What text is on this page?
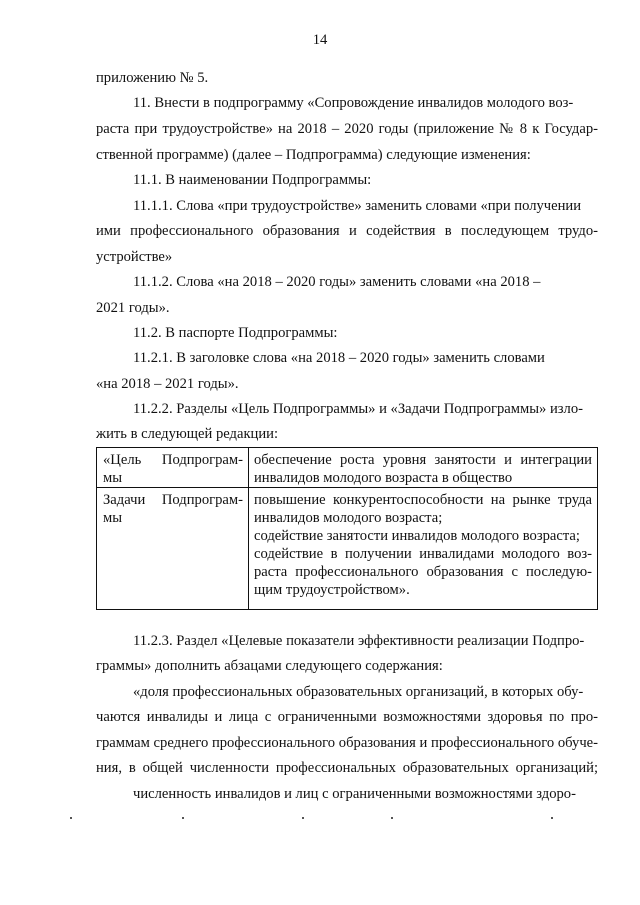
14
приложению № 5.
11. Внести в подпрограмму «Сопровождение инвалидов молодого воз-
раста при трудоустройстве» на 2018 – 2020 годы (приложение № 8 к Государ-
ственной программе) (далее – Подпрограмма) следующие изменения:
11.1. В наименовании Подпрограммы:
11.1.1. Слова «при трудоустройстве» заменить словами «при получении
ими профессионального образования и содействия в последующем трудо-
устройстве»
11.1.2. Слова «на 2018 – 2020 годы» заменить словами «на 2018 –
2021 годы».
11.2. В паспорте Подпрограммы:
11.2.1. В заголовке слова «на 2018 – 2020 годы» заменить словами
«на 2018 – 2021 годы».
11.2.2. Разделы «Цель Подпрограммы» и «Задачи Подпрограммы» изло-
жить в следующей редакции:
«Цель Подпрограм-
мы
обеспечение роста уровня занятости и интеграции
инвалидов молодого возраста в общество
Задачи Подпрограм-
мы
повышение конкурентоспособности на рынке труда
инвалидов молодого возраста;
содействие занятости инвалидов молодого возраста;
содействие в получении инвалидами молодого воз-
раста профессионального образования с последую-
щим трудоустройством».
11.2.3. Раздел «Целевые показатели эффективности реализации Подпро-
граммы» дополнить абзацами следующего содержания:
«доля профессиональных образовательных организаций, в которых обу-
чаются инвалиды и лица с ограниченными возможностями здоровья по про-
граммам среднего профессионального образования и профессионального обуче-
ния, в общей численности профессиональных образовательных организаций;
численность инвалидов и лиц с ограниченными возможностями здоро-
